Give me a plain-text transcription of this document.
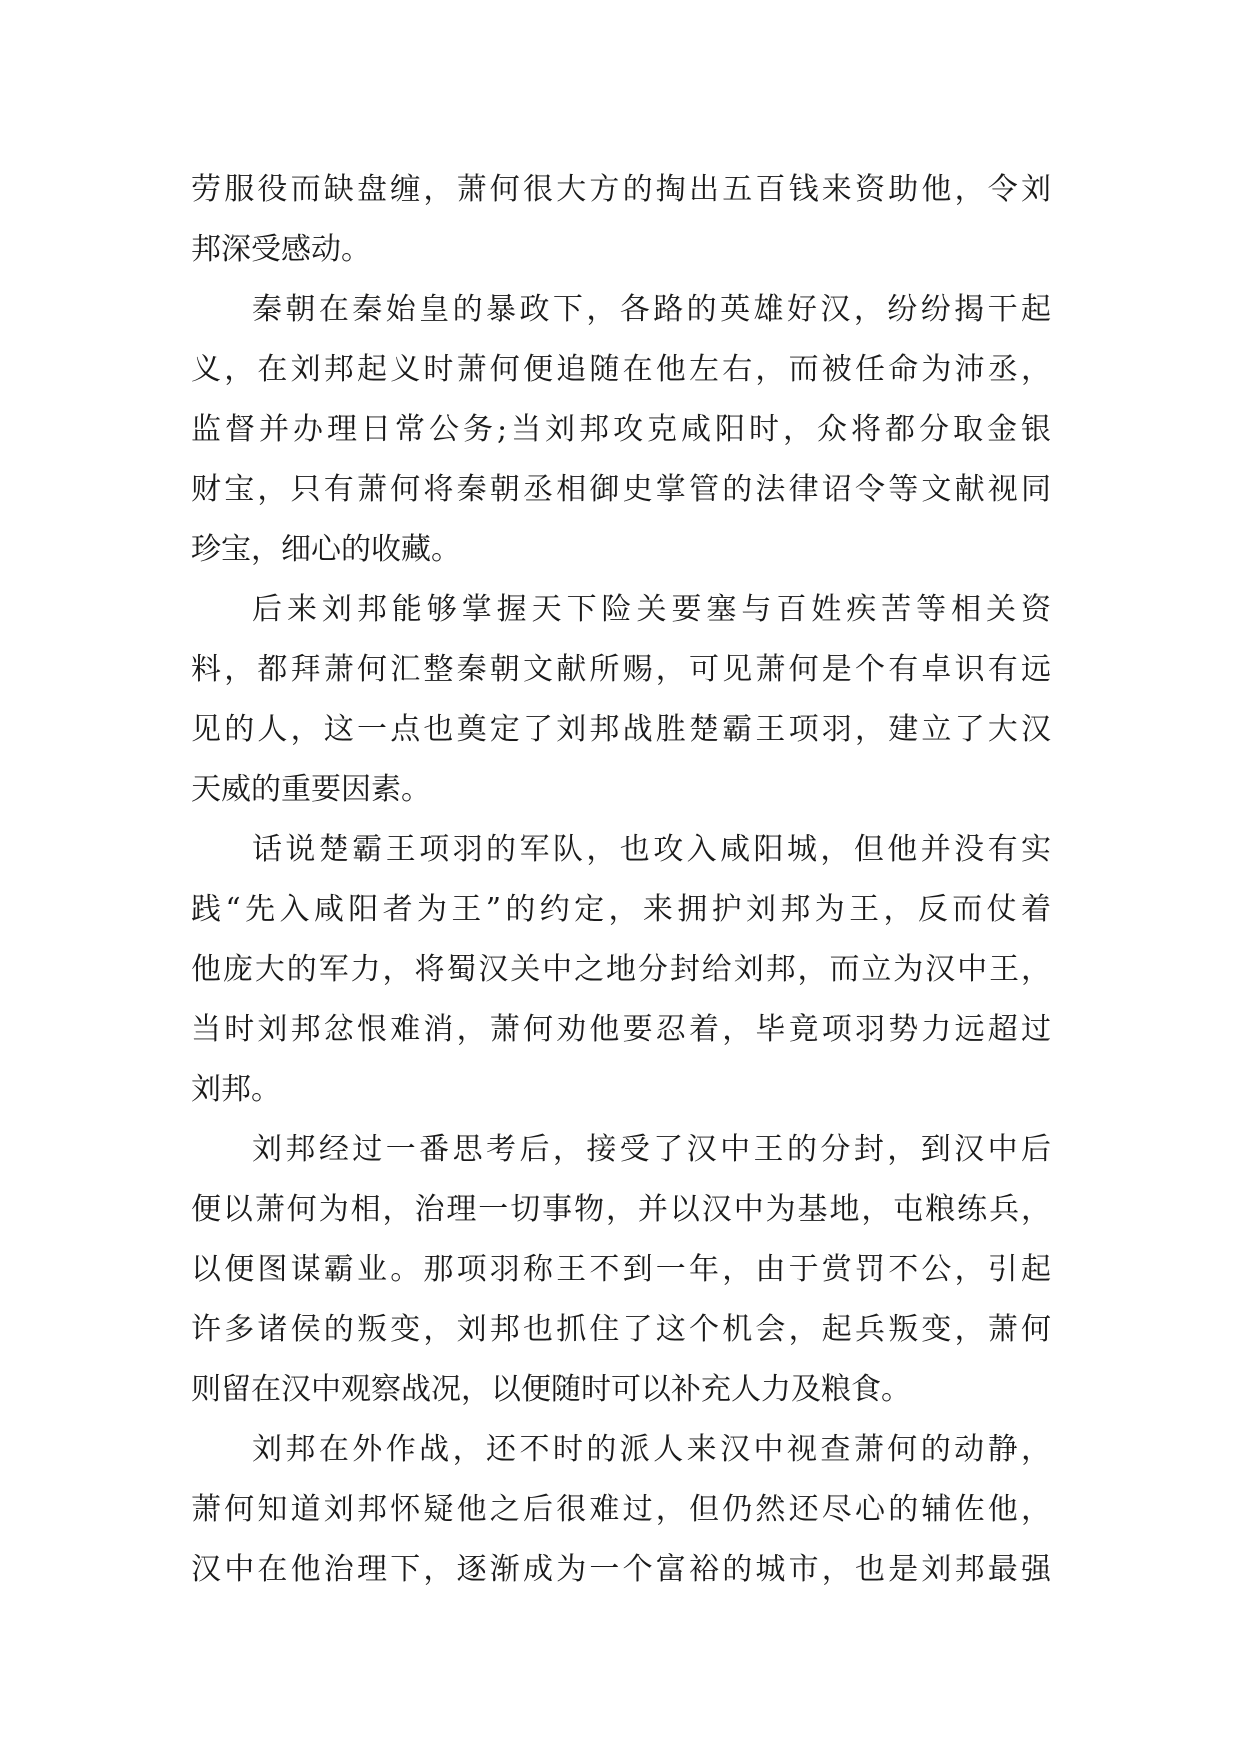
劳服役而缺盘缠，萧何很大方的掏出五百钱来资助他，令刘
邦深受感动。
秦朝在秦始皇的暴政下，各路的英雄好汉，纷纷揭干起
义，在刘邦起义时萧何便追随在他左右，而被任命为沛丞，
监督并办理日常公务;当刘邦攻克咸阳时，众将都分取金银
财宝，只有萧何将秦朝丞相御史掌管的法律诏令等文献视同
珍宝，细心的收藏。
后来刘邦能够掌握天下险关要塞与百姓疾苦等相关资
料，都拜萧何汇整秦朝文献所赐，可见萧何是个有卓识有远
见的人，这一点也奠定了刘邦战胜楚霸王项羽，建立了大汉
天威的重要因素。
话说楚霸王项羽的军队，也攻入咸阳城，但他并没有实
践“先入咸阳者为王”的约定，来拥护刘邦为王，反而仗着
他庞大的军力，将蜀汉关中之地分封给刘邦，而立为汉中王，
当时刘邦忿恨难消，萧何劝他要忍着，毕竟项羽势力远超过
刘邦。
刘邦经过一番思考后，接受了汉中王的分封，到汉中后
便以萧何为相，治理一切事物，并以汉中为基地，屯粮练兵，
以便图谋霸业。那项羽称王不到一年，由于赏罚不公，引起
许多诸侯的叛变，刘邦也抓住了这个机会，起兵叛变，萧何
则留在汉中观察战况，以便随时可以补充人力及粮食。
刘邦在外作战，还不时的派人来汉中视查萧何的动静，
萧何知道刘邦怀疑他之后很难过，但仍然还尽心的辅佐他，
汉中在他治理下，逐渐成为一个富裕的城市，也是刘邦最强
